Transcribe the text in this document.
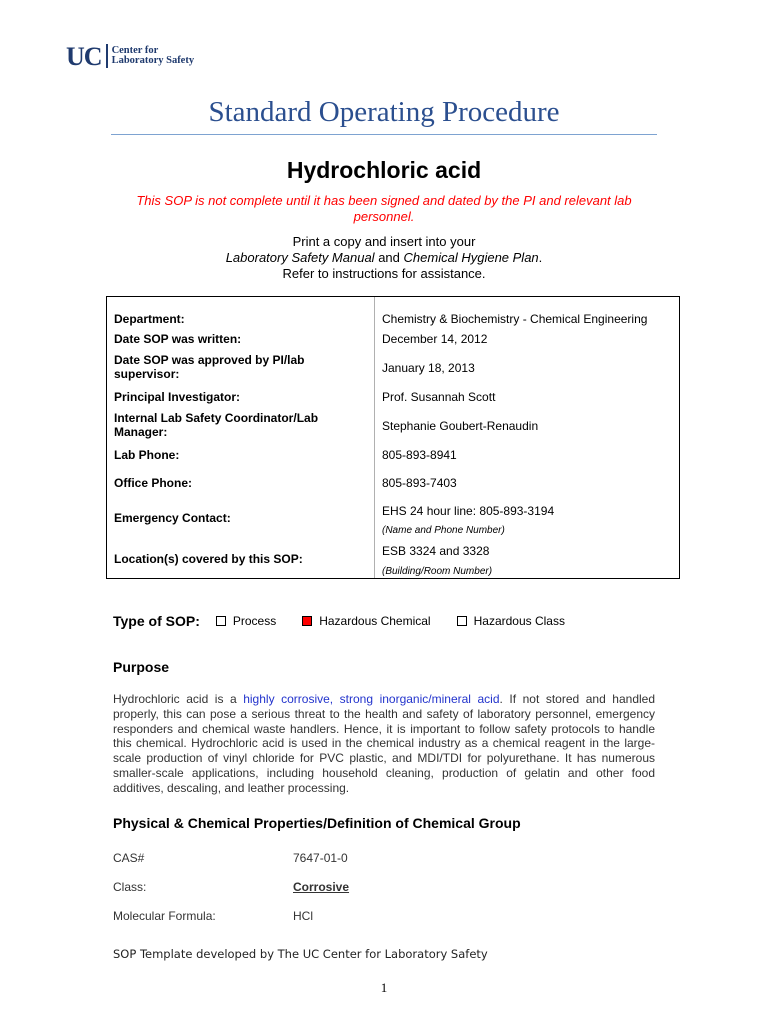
UC Center for
Laboratory Safety
Standard Operating Procedure
Hydrochloric acid
This SOP is not complete until it has been signed and dated by the PI and relevant lab personnel.
Print a copy and insert into your
Laboratory Safety Manual and Chemical Hygiene Plan.
Refer to instructions for assistance.
Department:	Chemistry & Biochemistry - Chemical Engineering
Date SOP was written:	December 14, 2012
Date SOP was approved by PI/lab supervisor:	January 18, 2013
Principal Investigator:	Prof. Susannah Scott
Internal Lab Safety Coordinator/Lab Manager:	Stephanie Goubert-Renaudin
Lab Phone:	805-893-8941
Office Phone:	805-893-7403
Emergency Contact:	EHS 24 hour line: 805-893-3194
(Name and Phone Number)
Location(s) covered by this SOP:
ESB 3324 and 3328
(Building/Room Number)
Type of SOP:	Process	Hazardous Chemical	Hazardous Class
Purpose
Hydrochloric acid is a highly corrosive, strong inorganic/mineral acid. If not stored and handled properly, this can pose a serious threat to the health and safety of laboratory personnel, emergency responders and chemical waste handlers. Hence, it is important to follow safety protocols to handle this chemical. Hydrochloric acid is used in the chemical industry as a chemical reagent in the large-scale production of vinyl chloride for PVC plastic, and MDI/TDI for polyurethane. It has numerous smaller-scale applications, including household cleaning, production of gelatin and other food additives, descaling, and leather processing.
Physical & Chemical Properties/Definition of Chemical Group
CAS#	7647-01-0
Class:	Corrosive
Molecular Formula:	HCl
SOP Template developed by The UC Center for Laboratory Safety
1
